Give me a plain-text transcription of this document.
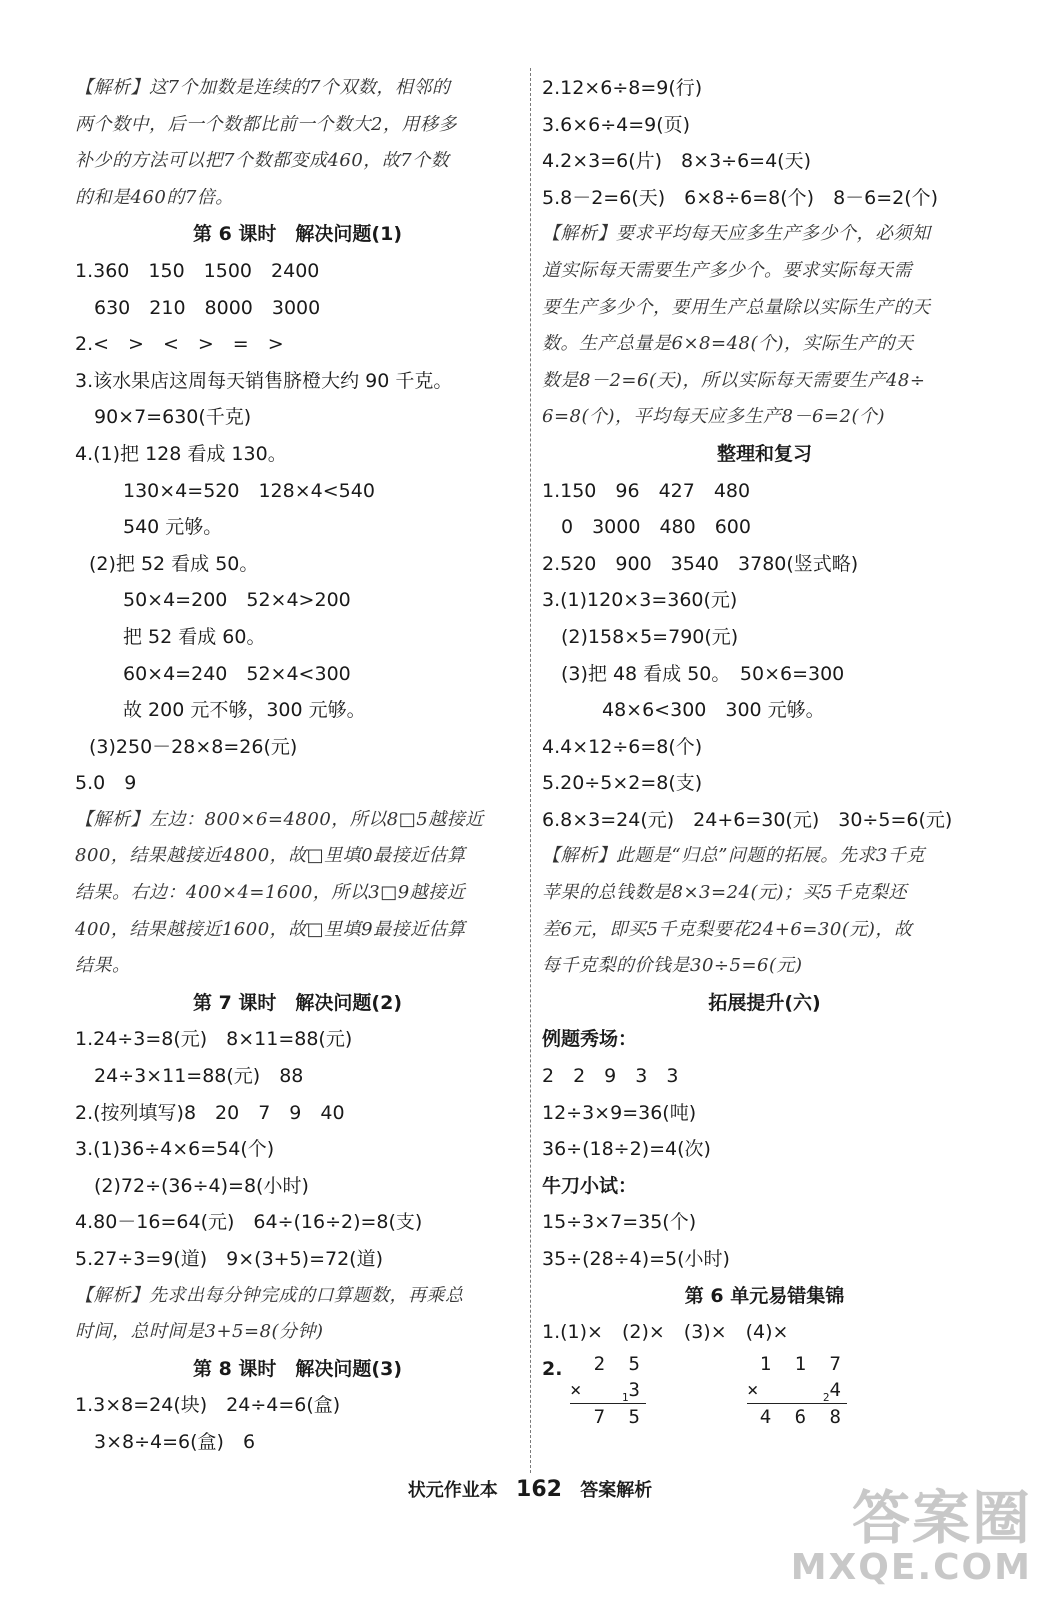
【解析】这7个加数是连续的7个双数，相邻的
两个数中，后一个数都比前一个数大2，用移多
补少的方法可以把7个数都变成460，故7个数
的和是460的7倍。
第 6 课时　解决问题(1)
1.360　150　1500　2400
　630　210　8000　3000
2.<　>　<　>　=　>
3.该水果店这周每天销售脐橙大约 90 千克。
　90×7=630(千克)
4.(1)把 128 看成 130。
130×4=520　128×4<540
540 元够。
(2)把 52 看成 50。
50×4=200　52×4>200
把 52 看成 60。
60×4=240　52×4<300
故 200 元不够，300 元够。
(3)250－28×8=26(元)
5.0　9
【解析】左边：800×6=4800，所以8□5越接近
800，结果越接近4800，故□里填0最接近估算
结果。右边：400×4=1600，所以3□9越接近
400，结果越接近1600，故□里填9最接近估算
结果。
第 7 课时　解决问题(2)
1.24÷3=8(元)　8×11=88(元)
　24÷3×11=88(元)　88
2.(按列填写)8　20　7　9　40
3.(1)36÷4×6=54(个)
　(2)72÷(36÷4)=8(小时)
4.80－16=64(元)　64÷(16÷2)=8(支)
5.27÷3=9(道)　9×(3+5)=72(道)
【解析】先求出每分钟完成的口算题数，再乘总
时间，总时间是3+5=8(分钟)
第 8 课时　解决问题(3)
1.3×8=24(块)　24÷4=6(盒)
　3×8÷4=6(盒)　6
2.12×6÷8=9(行)
3.6×6÷4=9(页)
4.2×3=6(片)　8×3÷6=4(天)
5.8－2=6(天)　6×8÷6=8(个)　8－6=2(个)
【解析】要求平均每天应多生产多少个，必须知
道实际每天需要生产多少个。要求实际每天需
要生产多少个，要用生产总量除以实际生产的天
数。生产总量是6×8=48(个)，实际生产的天
数是8－2=6(天)，所以实际每天需要生产48÷
6=8(个)，平均每天应多生产8－6=2(个)
整理和复习
1.150　96　427　480
　0　3000　480　600
2.520　900　3540　3780(竖式略)
3.(1)120×3=360(元)
　(2)158×5=790(元)
　(3)把 48 看成 50。　50×6=300
48×6<300　300 元够。
4.4×12÷6=8(个)
5.20÷5×2=8(支)
6.8×3=24(元)　24+6=30(元)　30÷5=6(元)
【解析】此题是“归总”问题的拓展。先求3千克
苹果的总钱数是8×3=24(元)；买5千克梨还
差6元，即买5千克梨要花24+6=30(元)，故
每千克梨的价钱是30÷5=6(元)
拓展提升(六)
例题秀场：
2　2　9　3　3
12÷3×9=36(吨)
36÷(18÷2)=4(次)
牛刀小试：
15÷3×7=35(个)
35÷(28÷4)=5(小时)
第 6 单元易错集锦
1.(1)×　(2)×　(3)×　(4)×
2.	2 5
$_1$3
×
7 5
1 1 7
$_2$4
×
4 6 8
状元作业本 162 答案解析	答案圈
MXQE.COM
